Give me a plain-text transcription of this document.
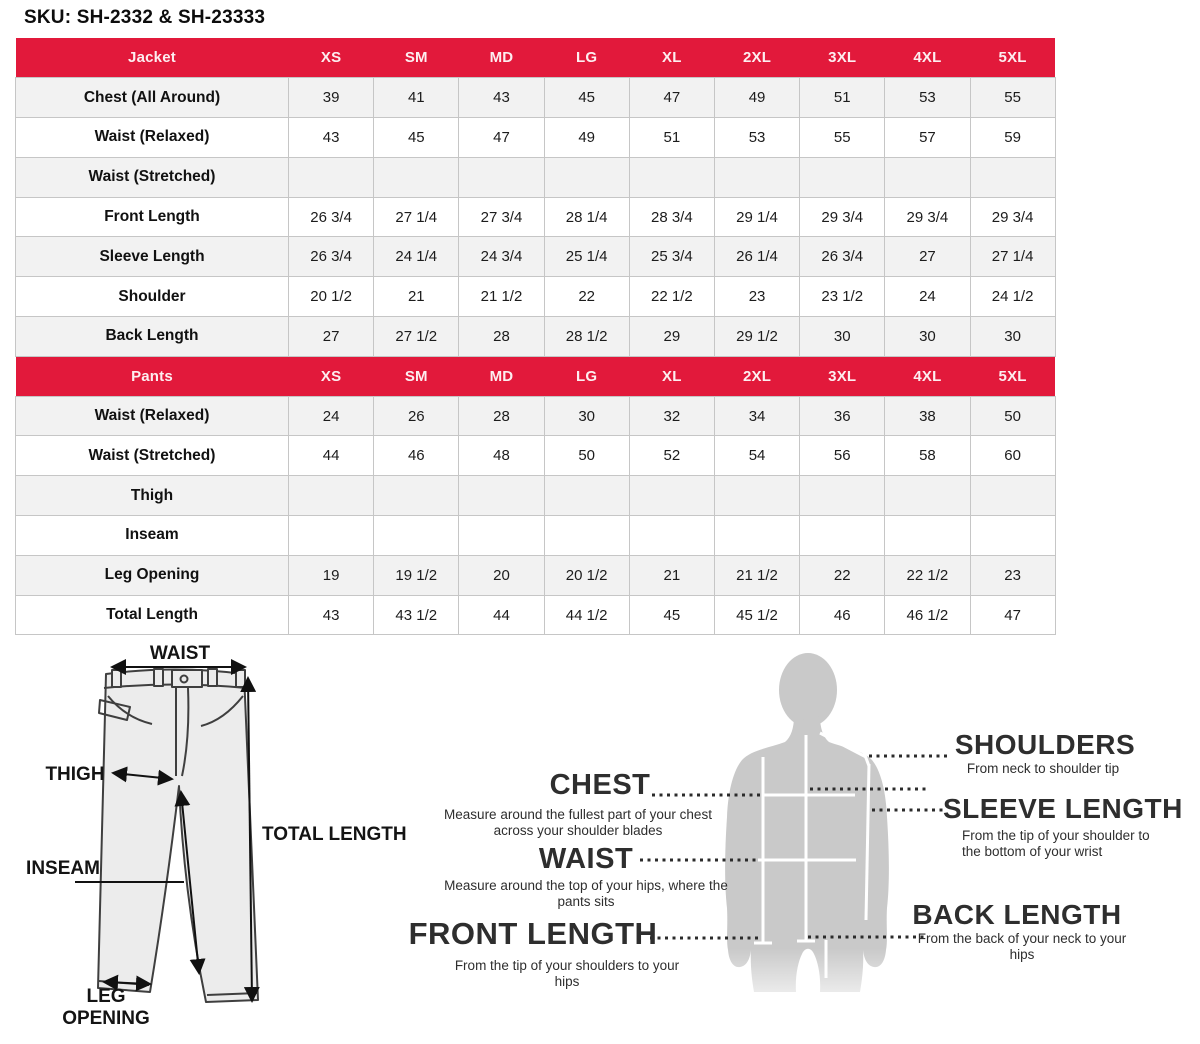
SKU: SH-2332 & SH-23333
Jacket	XS	SM	MD	LG	XL	2XL	3XL	4XL	5XL
Chest (All Around)	39	41	43	45	47	49	51	53	55
Waist (Relaxed)	43	45	47	49	51	53	55	57	59
Waist (Stretched)									
Front Length	26 3/4	27 1/4	27 3/4	28 1/4	28 3/4	29 1/4	29 3/4	29 3/4	29 3/4
Sleeve Length	26 3/4	24 1/4	24 3/4	25 1/4	25 3/4	26 1/4	26 3/4	27	27 1/4
Shoulder	20 1/2	21	21 1/2	22	22 1/2	23	23 1/2	24	24 1/2
Back Length	27	27 1/2	28	28 1/2	29	29 1/2	30	30	30
Pants	XS	SM	MD	LG	XL	2XL	3XL	4XL	5XL
Waist (Relaxed)	24	26	28	30	32	34	36	38	50
Waist (Stretched)	44	46	48	50	52	54	56	58	60
Thigh									
Inseam									
Leg Opening	19	19 1/2	20	20 1/2	21	21 1/2	22	22 1/2	23
Total Length	43	43 1/2	44	44 1/2	45	45 1/2	46	46 1/2	47
WAIST
THIGH
TOTAL LENGTH
INSEAM
LEG OPENING
CHEST
Measure around the fullest part of your chest across your shoulder blades
WAIST
Measure around the top of your hips, where the pants sits
FRONT LENGTH
From the tip of your shoulders to your hips
SHOULDERS
From neck to shoulder tip
SLEEVE LENGTH
From the tip of your shoulder to the bottom of your wrist
BACK LENGTH
From the back of your neck to your hips
